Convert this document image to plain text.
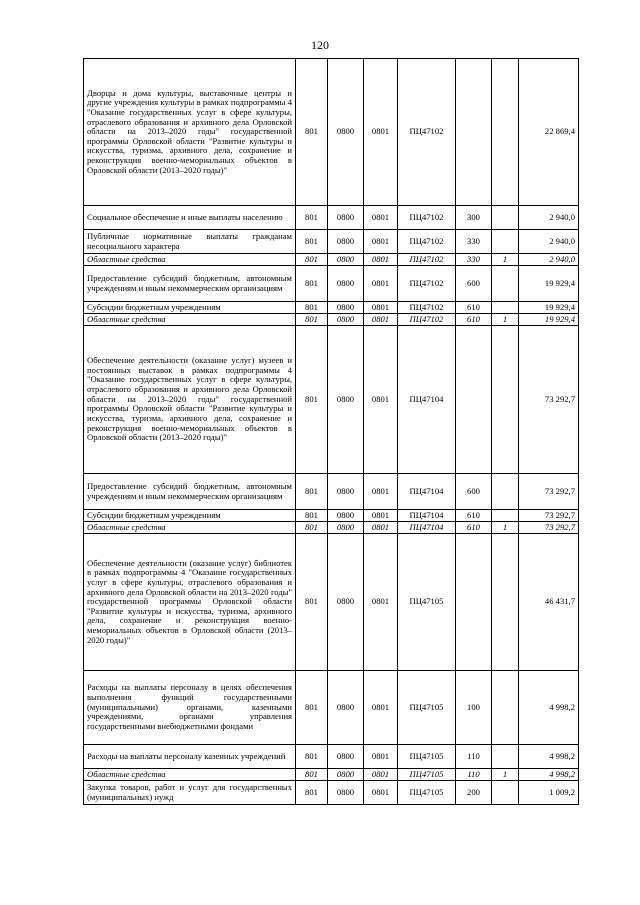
120
Дворцы и дома культуры, выставочные центры и другие учреждения культуры в рамках подпрограммы 4 "Оказание государственных услуг в сфере культуры, отраслевого образования и архивного дела Орловской области на 2013–2020 годы" государственной программы Орловской области "Развитие культуры и искусства, туризма, архивного дела, сохранение и реконструкция военно-мемориальных объектов в Орловской области (2013–2020 годы)"	801	0800	0801	ПЦ47102			22 869,4
Социальное обеспечение и иные выплаты населению	801	0800	0801	ПЦ47102	300		2 940,0
Публичные нормативные выплаты гражданам несоциального характера	801	0800	0801	ПЦ47102	330		2 940,0
Областные средства	801	0800	0801	ПЦ47102	330	1	2 940,0
Предоставление субсидий бюджетным, автономным учреждениям и иным некоммерческим организациям	801	0800	0801	ПЦ47102	600		19 929,4
Субсидии бюджетным учреждениям	801	0800	0801	ПЦ47102	610		19 929,4
Областные средства	801	0800	0801	ПЦ47102	610	1	19 929,4
Обеспечение деятельности (оказание услуг) музеев и постоянных выставок в рамках подпрограммы 4 "Оказание государственных услуг в сфере культуры, отраслевого образования и архивного дела Орловской области на 2013–2020 годы" государственной программы Орловской области "Развитие культуры и искусства, туризма, архивного дела, сохранение и реконструкция военно-мемориальных объектов в Орловской области (2013–2020 годы)"	801	0800	0801	ПЦ47104			73 292,7
Предоставление субсидий бюджетным, автономным учреждениям и иным некоммерческим организациям	801	0800	0801	ПЦ47104	600		73 292,7
Субсидии бюджетным учреждениям	801	0800	0801	ПЦ47104	610		73 292,7
Областные средства	801	0800	0801	ПЦ47104	610	1	73 292,7
Обеспечение деятельности (оказание услуг) библиотек в рамках подпрограммы 4 "Оказание государственных услуг в сфере культуры, отраслевого образования и архивного дела Орловской области на 2013–2020 годы" государственной программы Орловской области "Развитие культуры и искусства, туризма, архивного дела, сохранение и реконструкция военно-мемориальных объектов в Орловской области (2013–2020 годы)"	801	0800	0801	ПЦ47105			46 431,7
Расходы на выплаты персоналу в целях обеспечения выполнения функций государственными (муниципальными) органами, казенными учреждениями, органами управления государственными внебюджетными фондами	801	0800	0801	ПЦ47105	100		4 998,2
Расходы на выплаты персоналу казенных учреждений	801	0800	0801	ПЦ47105	110		4 998,2
Областные средства	801	0800	0801	ПЦ47105	110	1	4 998,2
Закупка товаров, работ и услуг для государственных (муниципальных) нужд	801	0800	0801	ПЦ47105	200		1 009,2
